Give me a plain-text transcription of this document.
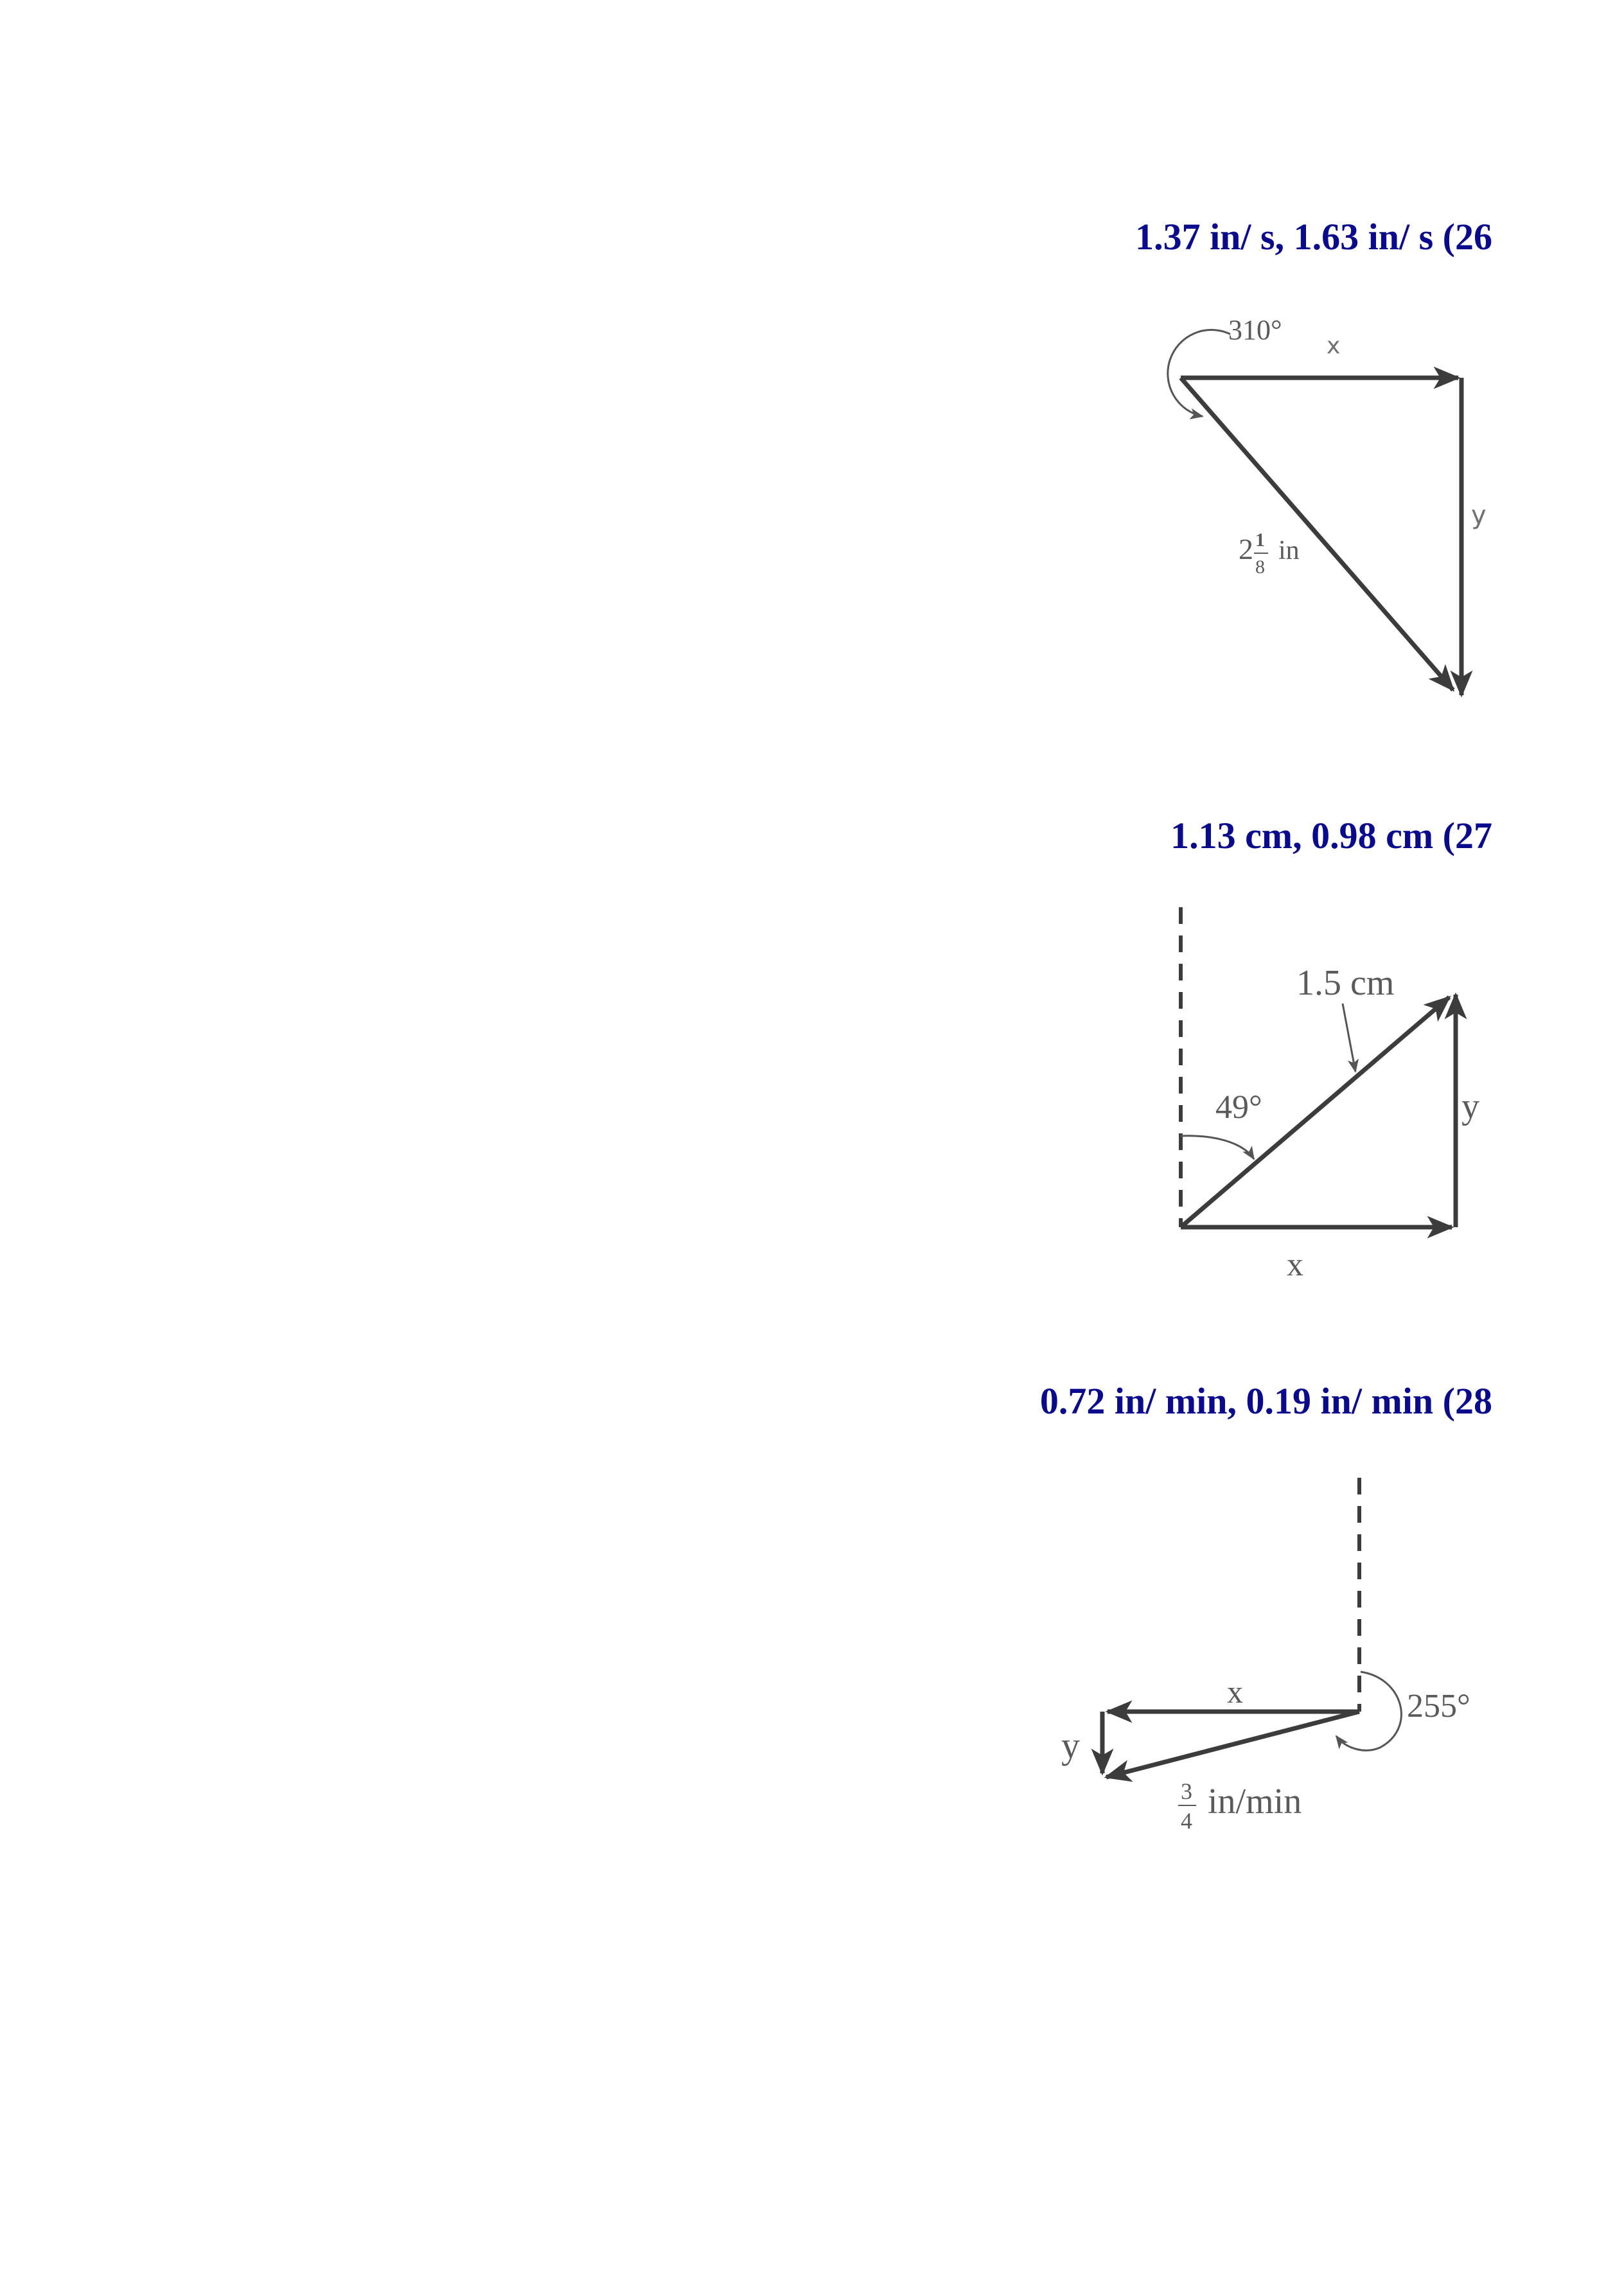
1.37 in/ s, 1.63 in/ s (26

1.13 cm, 0.98 cm (27

0.72 in/ min, 0.19 in/ min (28

310°
x
y
2 1
8
in
49°
1.5 cm
x
y
255°
x
y
3
4 in/min
